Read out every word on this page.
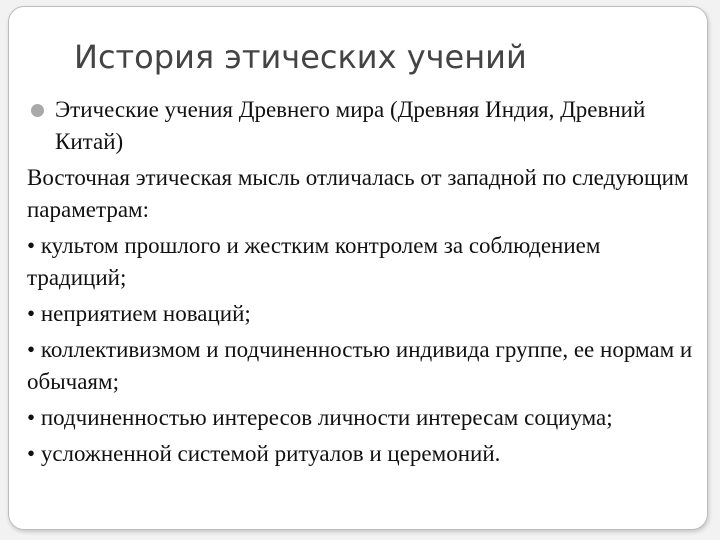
История этических учений
Этические учения Древнего мира (Древняя Индия, Древний Китай)
Восточная этическая мысль отличалась от западной по следующим параметрам:
• культом прошлого и жестким контролем за соблюдением традиций;
• неприятием новаций;
• коллективизмом и подчиненностью индивида группе, ее нормам и обычаям;
• подчиненностью интересов личности интересам социума;
• усложненной системой ритуалов и церемоний.
